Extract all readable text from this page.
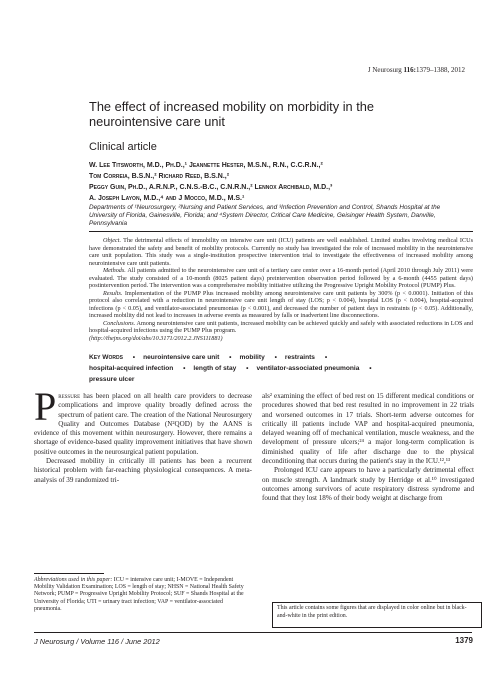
J Neurosurg 116:1379–1388, 2012
The effect of increased mobility on morbidity in the neurointensive care unit
Clinical article
W. Lee Titsworth, M.D., Ph.D.,¹ Jeannette Hester, M.S.N., R.N., C.C.R.N.,²
Tom Correia, B.S.N.,² Richard Reed, B.S.N.,²
Peggy Guin, Ph.D., A.R.N.P., C.N.S.-B.C., C.N.R.N.,² Lennox Archibald, M.D.,³
A. Joseph Layon, M.D.,⁴ and J Mocco, M.D., M.S.¹
Departments of ¹Neurosurgery, ²Nursing and Patient Services, and ³Infection Prevention and Control, Shands Hospital at the University of Florida, Gainesville, Florida; and ⁴System Director, Critical Care Medicine, Geisinger Health System, Danville, Pennsylvania

Object. The detrimental effects of immobility on intensive care unit (ICU) patients are well established. Limited studies involving medical ICUs have demonstrated the safety and benefit of mobility protocols. Currently no study has investigated the role of increased mobility in the neurointensive care unit population. This study was a single-institution prospective intervention trial to investigate the effectiveness of increased mobility among neurointensive care unit patients.

Methods. All patients admitted to the neurointensive care unit of a tertiary care center over a 16-month period (April 2010 through July 2011) were evaluated. The study consisted of a 10-month (8025 patient days) preintervention observation period followed by a 6-month (4455 patient days) postintervention period. The intervention was a comprehensive mobility initiative utilizing the Progressive Upright Mobility Protocol (PUMP) Plus.

Results. Implementation of the PUMP Plus increased mobility among neurointensive care unit patients by 300% (p < 0.0001). Initiation of this protocol also correlated with a reduction in neurointensive care unit length of stay (LOS; p < 0.004), hospital LOS (p < 0.004), hospital-acquired infections (p < 0.05), and ventilator-associated pneumonias (p < 0.001), and decreased the number of patient days in restraints (p < 0.05). Additionally, increased mobility did not lead to increases in adverse events as measured by falls or inadvertent line disconnections.

Conclusions. Among neurointensive care unit patients, increased mobility can be achieved quickly and safely with associated reductions in LOS and hospital-acquired infections using the PUMP Plus program.
(http://thejns.org/doi/abs/10.3171/2012.2.JNS111881)

Key Words • neurointensive care unit • mobility • restraints •
hospital-acquired infection • length of stay • ventilator-associated pneumonia •
pressure ulcer

Pressure has been placed on all health care providers to decrease complications and improve quality broadly defined across the spectrum of patient care. The creation of the National Neurosurgery Quality and Outcomes Database (N²QOD) by the AANS is evidence of this movement within neurosurgery. However, there remains a shortage of evidence-based quality improvement initiatives that have shown positive outcomes in the neurosurgical patient population.

Decreased mobility in critically ill patients has been a recurrent historical problem with far-reaching physiological consequences. A meta-analysis of 39 randomized tri-

Abbreviations used in this paper: ICU = intensive care unit; I-MOVE = Independent Mobility Validation Examination; LOS = length of stay; NHSN = National Health Safety Network; PUMP = Progressive Upright Mobility Protocol; SUF = Shands Hospital at the University of Florida; UTI = urinary tract infection; VAP = ventilator-associated pneumonia.

als² examining the effect of bed rest on 15 different medical conditions or procedures showed that bed rest resulted in no improvement in 22 trials and worsened outcomes in 17 trials. Short-term adverse outcomes for critically ill patients include VAP and hospital-acquired pneumonia, delayed weaning off of mechanical ventilation, muscle weakness, and the development of pressure ulcers;²⁴ a major long-term complication is diminished quality of life after discharge due to the physical deconditioning that occurs during the patient's stay in the ICU.¹²,¹³

Prolonged ICU care appears to have a particularly detrimental effect on muscle strength. A landmark study by Herridge et al.¹⁰ investigated outcomes among survivors of acute respiratory distress syndrome and found that they lost 18% of their body weight at discharge from

This article contains some figures that are displayed in color online but in black-and-white in the print edition.
J Neurosurg / Volume 116 / June 2012	1379
